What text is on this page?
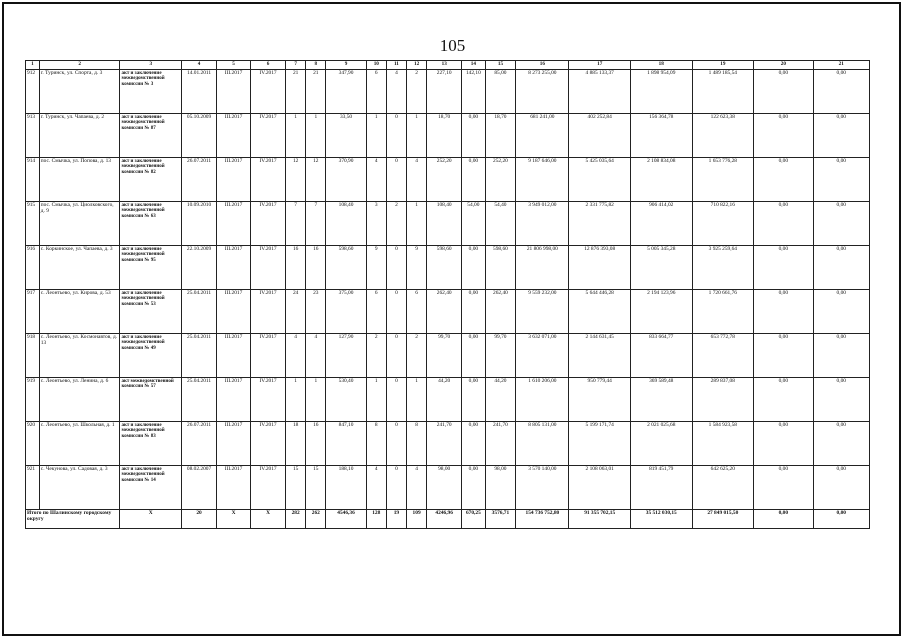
105
1	2	3	4	5	6	7	8	9	10	11	12	13	14	15	16	17	18	19	20	21
912	г. Туринск, ул. Спорта, д. 3	акт и заключение межведомственной комиссии № 3	14.01.2011	III.2017	IV.2017	21	21	347,90	6	4	2	227,10	142,10	85,00	8 273 255,00	4 885 133,37	1 898 954,09	1 489 185,54	0,00	0,00
913	г. Туринск, ул. Чапаева, д. 2	акт и заключение межведомственной комиссии № 87	05.10.2009	III.2017	IV.2017	1	1	33,50	1	0	1	18,70	0,00	18,70	681 241,00	402 252,84	156 364,78	122 623,38	0,00	0,00
914	пос. Смычка, ул. Попова, д. 13	акт и заключение межведомственной комиссии № 82	26.07.2011	III.2017	IV.2017	12	12	370,90	4	0	4	252,20	0,00	252,20	9 187 646,00	5 425 035,64	2 108 834,08	1 653 776,28	0,00	0,00
915	пос. Смычка, ул. Циолковского, д. 9	акт и заключение межведомственной комиссии № 63	10.09.2010	III.2017	IV.2017	7	7	108,40	3	2	1	108,40	54,00	54,40	3 949 012,00	2 331 775,82	906 414,02	710 822,16	0,00	0,00
916	с. Коркинское, ул. Чапаева, д. 3	акт и заключение межведомственной комиссии № 95	22.10.2009	III.2017	IV.2017	16	16	598,60	9	0	9	598,60	0,00	598,60	21 806 998,00	12 876 393,08	5 005 345,28	3 925 259,64	0,00	0,00
917	с. Леонтьево, ул. Кирова, д. 53	акт и заключение межведомственной комиссии № 53	25.04.2011	III.2017	IV.2017	24	23	375,00	6	0	6	262,40	0,00	262,40	9 559 232,00	5 644 446,28	2 194 123,96	1 720 661,76	0,00	0,00
918	с. Леонтьево, ул. Космонавтов, д. 13	акт и заключение межведомственной комиссии № 49	25.04.2011	III.2017	IV.2017	4	4	127,90	2	0	2	99,70	0,00	99,70	3 632 071,00	2 144 631,45	833 664,77	653 772,78	0,00	0,00
919	с. Леонтьево, ул. Ленина, д. 6	акт межведомственной комиссии № 57	25.04.2011	III.2017	IV.2017	1	1	530,40	1	0	1	44,20	0,00	44,20	1 610 206,00	950 779,44	369 589,48	289 837,08	0,00	0,00
920	с. Леонтьево, ул. Школьная, д. 1	акт и заключение межведомственной комиссии № 83	26.07.2011	III.2017	IV.2017	18	16	847,10	8	0	8	241,70	0,00	241,70	8 805 131,00	5 199 171,74	2 021 025,68	1 584 923,58	0,00	0,00
921	с. Чекунова, ул. Садовая, д. 3	акт и заключение межведомственной комиссии № 14	08.02.2007	III.2017	IV.2017	15	15	188,10	4	0	4	98,00	0,00	98,00	3 570 140,00	2 108 063,01	819 451,79	642 625,20	0,00	0,00
Итого по Шалинскому городскому округу		X	20	X	X	282	262	4546,36	128	19	109	4246,96	670,25	3576,71	154 736 752,80	91 355 702,15	35 512 030,15	27 849 015,50	0,00	0,00
